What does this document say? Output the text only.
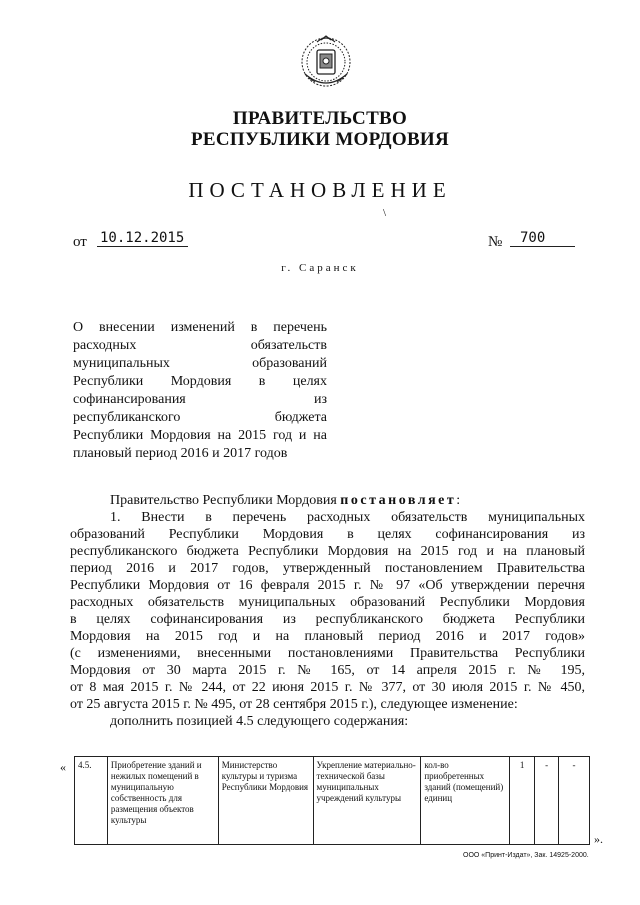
ПРАВИТЕЛЬСТВО
РЕСПУБЛИКИ МОРДОВИЯ
ПОСТАНОВЛЕНИЕ
\
от 10.12.2015	№	700
г. Саранск
О внесении изменений в перечень
расходных обязательств
муниципальных образований
Республики Мордовия в целях
софинансирования из
республиканского бюджета
Республики Мордовия на 2015 год и на
плановый период 2016 и 2017 годов
Правительство Республики Мордовия постановляет:
1. Внести в перечень расходных обязательств муниципальных
образований Республики Мордовия в целях софинансирования из
республиканского бюджета Республики Мордовия на 2015 год и на плановый
период 2016 и 2017 годов, утвержденный постановлением Правительства
Республики Мордовия от 16 февраля 2015 г. № 97 «Об утверждении перечня
расходных обязательств муниципальных образований Республики Мордовия
в целях софинансирования из республиканского бюджета Республики
Мордовия на 2015 год и на плановый период 2016 и 2017 годов»
(с изменениями, внесенными постановлениями Правительства Республики
Мордовия от 30 марта 2015 г. № 165, от 14 апреля 2015 г. № 195,
от 8 мая 2015 г. № 244, от 22 июня 2015 г. № 377, от 30 июля 2015 г. № 450,
от 25 августа 2015 г. № 495, от 28 сентября 2015 г.), следующее изменение:
дополнить позицией 4.5 следующего содержания:
« 4.5.	Приобретение зданий и нежилых помещений в муниципальную собственность для размещения объектов культуры	Министерство культуры и туризма Республики Мордовия	Укрепление материально-технической базы муниципальных учреждений культуры	кол-во приобретенных зданий (помещений) единиц	1	-	-
».
ООО «Принт-Издат», Зак. 14925-2000.
